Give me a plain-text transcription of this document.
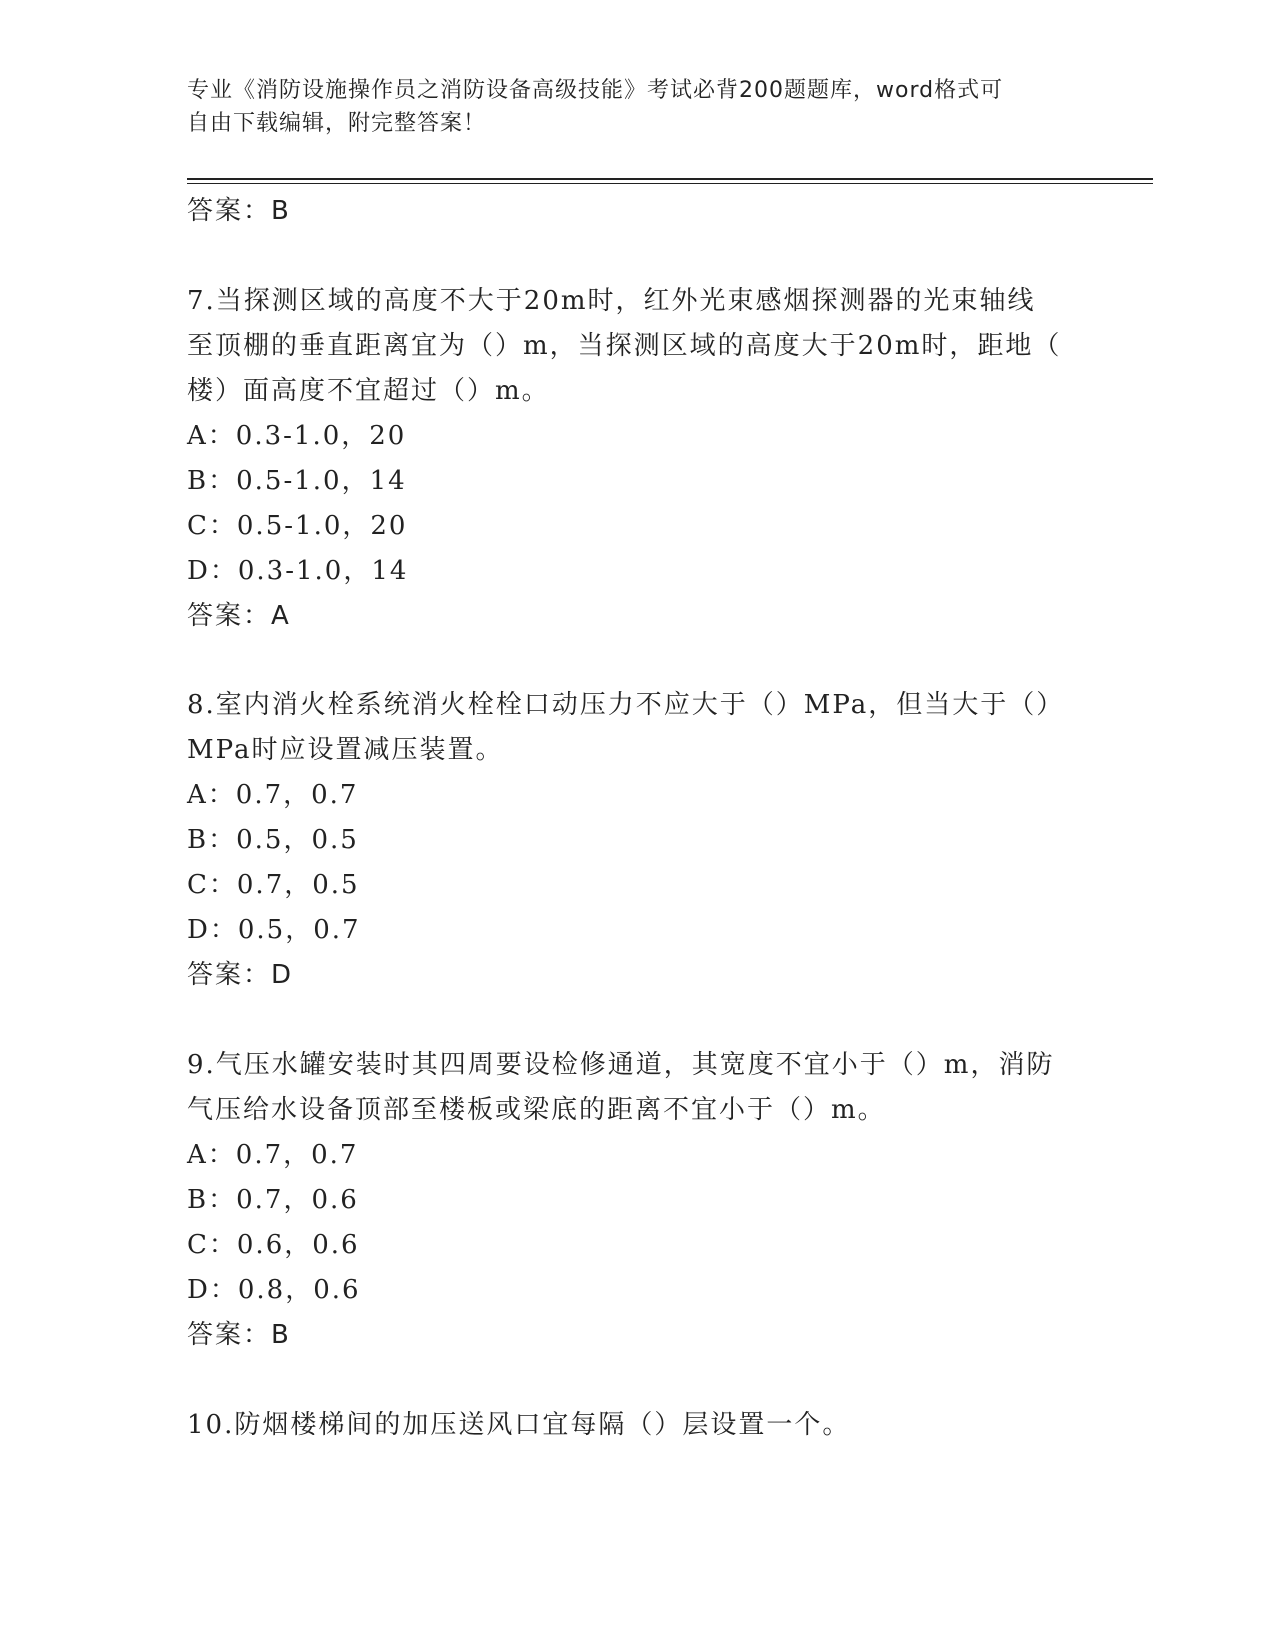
专业《消防设施操作员之消防设备高级技能》考试必背200题题库，word格式可
自由下载编辑，附完整答案！
答案：B
7.当探测区域的高度不大于20m时，红外光束感烟探测器的光束轴线
至顶棚的垂直距离宜为（）m，当探测区域的高度大于20m时，距地（
楼）面高度不宜超过（）m。
A：0.3-1.0，20
B：0.5-1.0，14
C：0.5-1.0，20
D：0.3-1.0，14
答案：A
8.室内消火栓系统消火栓栓口动压力不应大于（）MPa，但当大于（）
MPa时应设置减压装置。
A：0.7，0.7
B：0.5，0.5
C：0.7，0.5
D：0.5，0.7
答案：D
9.气压水罐安装时其四周要设检修通道，其宽度不宜小于（）m，消防
气压给水设备顶部至楼板或梁底的距离不宜小于（）m。
A：0.7，0.7
B：0.7，0.6
C：0.6，0.6
D：0.8，0.6
答案：B
10.防烟楼梯间的加压送风口宜每隔（）层设置一个。
